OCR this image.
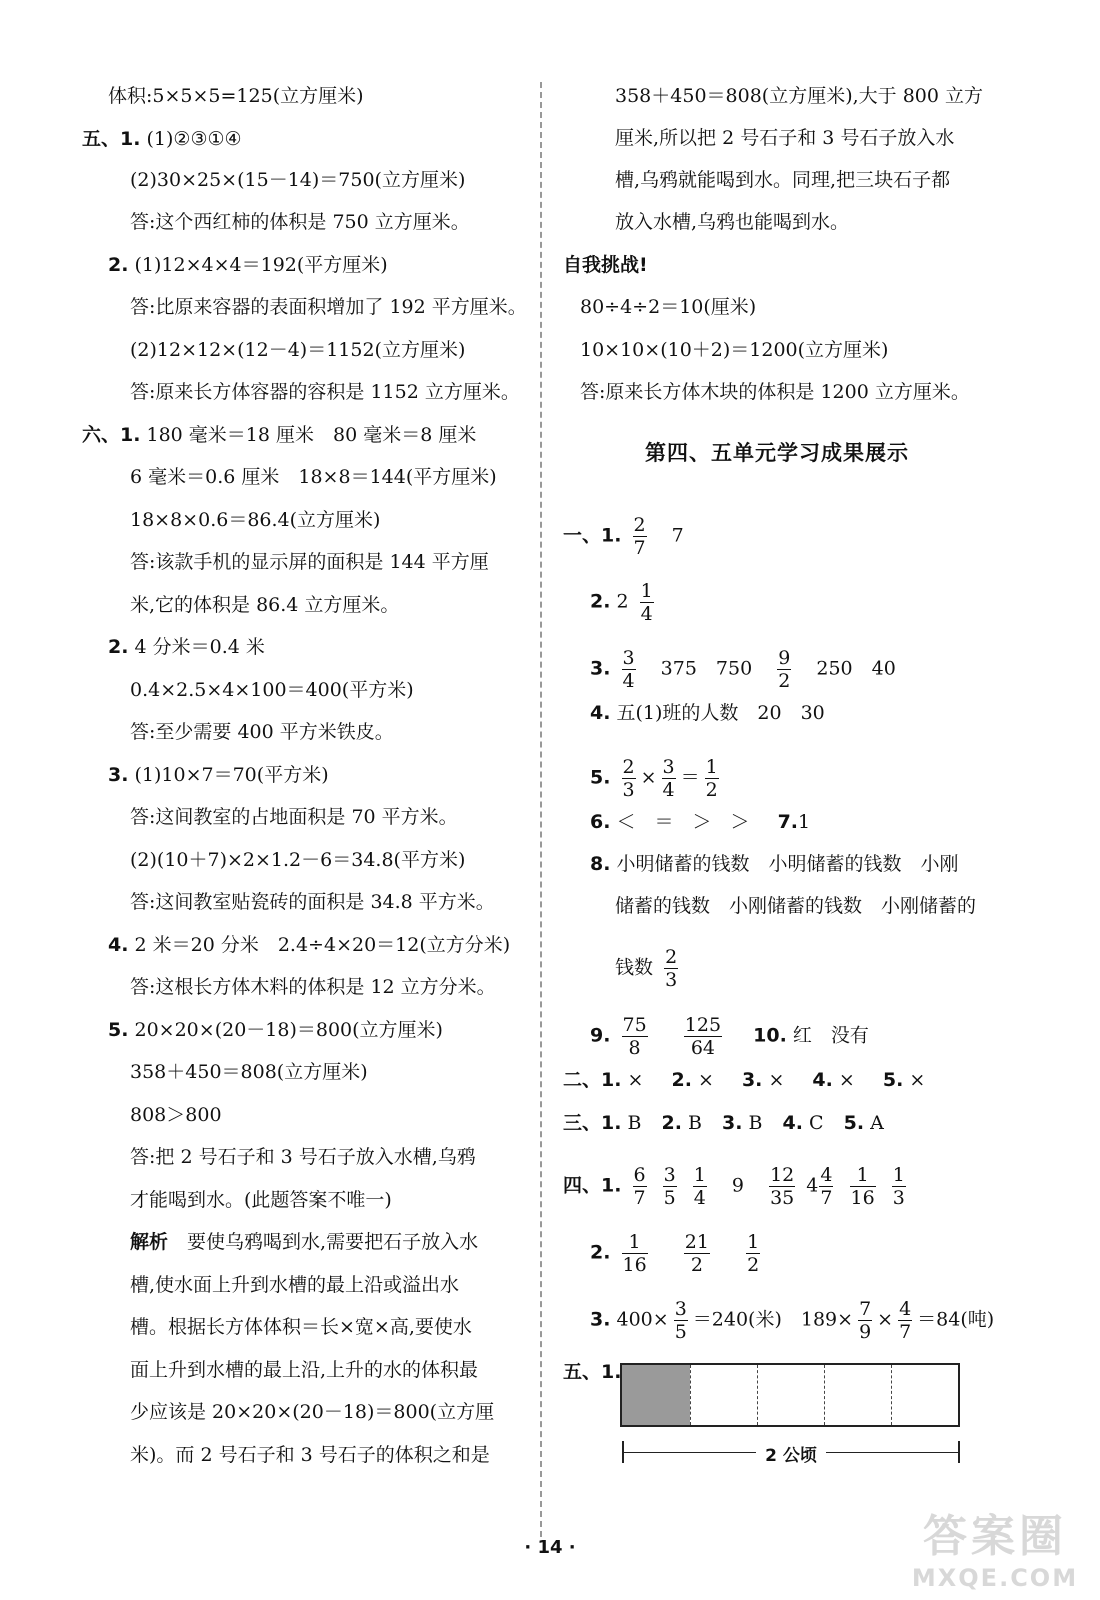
体积:5×5×5=125(立方厘米)
五、1. (1)②③①④
(2)30×25×(15－14)＝750(立方厘米)
答:这个西红柿的体积是 750 立方厘米。
2. (1)12×4×4＝192(平方厘米)
答:比原来容器的表面积增加了 192 平方厘米。
(2)12×12×(12－4)＝1152(立方厘米)
答:原来长方体容器的容积是 1152 立方厘米。
六、1. 180 毫米＝18 厘米　80 毫米＝8 厘米
6 毫米＝0.6 厘米　18×8＝144(平方厘米)
18×8×0.6＝86.4(立方厘米)
答:该款手机的显示屏的面积是 144 平方厘
米,它的体积是 86.4 立方厘米。
2. 4 分米＝0.4 米
0.4×2.5×4×100＝400(平方米)
答:至少需要 400 平方米铁皮。
3. (1)10×7＝70(平方米)
答:这间教室的占地面积是 70 平方米。
(2)(10＋7)×2×1.2－6＝34.8(平方米)
答:这间教室贴瓷砖的面积是 34.8 平方米。
4. 2 米＝20 分米　2.4÷4×20＝12(立方分米)
答:这根长方体木料的体积是 12 立方分米。
5. 20×20×(20－18)＝800(立方厘米)
358＋450＝808(立方厘米)
808＞800
答:把 2 号石子和 3 号石子放入水槽,乌鸦
才能喝到水。(此题答案不唯一)
解析　 要使乌鸦喝到水,需要把石子放入水
槽,使水面上升到水槽的最上沿或溢出水
槽。根据长方体体积＝长×宽×高,要使水
面上升到水槽的最上沿,上升的水的体积最
少应该是 20×20×(20－18)＝800(立方厘
米)。而 2 号石子和 3 号石子的体积之和是
358＋450＝808(立方厘米),大于 800 立方
厘米,所以把 2 号石子和 3 号石子放入水
槽,乌鸦就能喝到水。同理,把三块石子都
放入水槽,乌鸦也能喝到水。
自我挑战!
80÷4÷2＝10(厘米)
10×10×(10＋2)＝1200(立方厘米)
答:原来长方体木块的体积是 1200 立方厘米。
第四、五单元学习成果展示
一、1. $\frac{2}{7} 7$
2. $2 \frac{1}{4}$
3. $\frac{3}{4} 375$　$750 \frac{9}{2} 250$　40
4. 五(1)班的人数　20　30
5. $\frac{2}{3} \times \frac{3}{4} = \frac{1}{2}$
6. ＜　＝　＞　＞ 7.1
8. 小明储蓄的钱数　小明储蓄的钱数　小刚
储蓄的钱数　小刚储蓄的钱数　小刚储蓄的
钱数 $\frac{2}{3}$
9. $\frac{75}{8}$
$\frac{125}{64} 10$. 红　没有
二、1. × 2. × 3. × 4. × 5. ×
三、1. B 2. B 3. B 4. C 5. A
四、1. $\frac{6}{7}$
$\frac{3}{5}$
$\frac{1}{4} 9 \frac{12}{35} 4 \frac{4}{7}$
$\frac{1}{16}$
$\frac{1}{3}$
2. $\frac{1}{16}$
$\frac{21}{2}$
$\frac{1}{2}$
3. $400\times \frac{3}{5} =240$(米)　$189\times \frac{7}{9} \times \frac{4}{7} =84$(吨)
五、1.
2 公顷
· 14 ·	答案圈
MXQE.COM
